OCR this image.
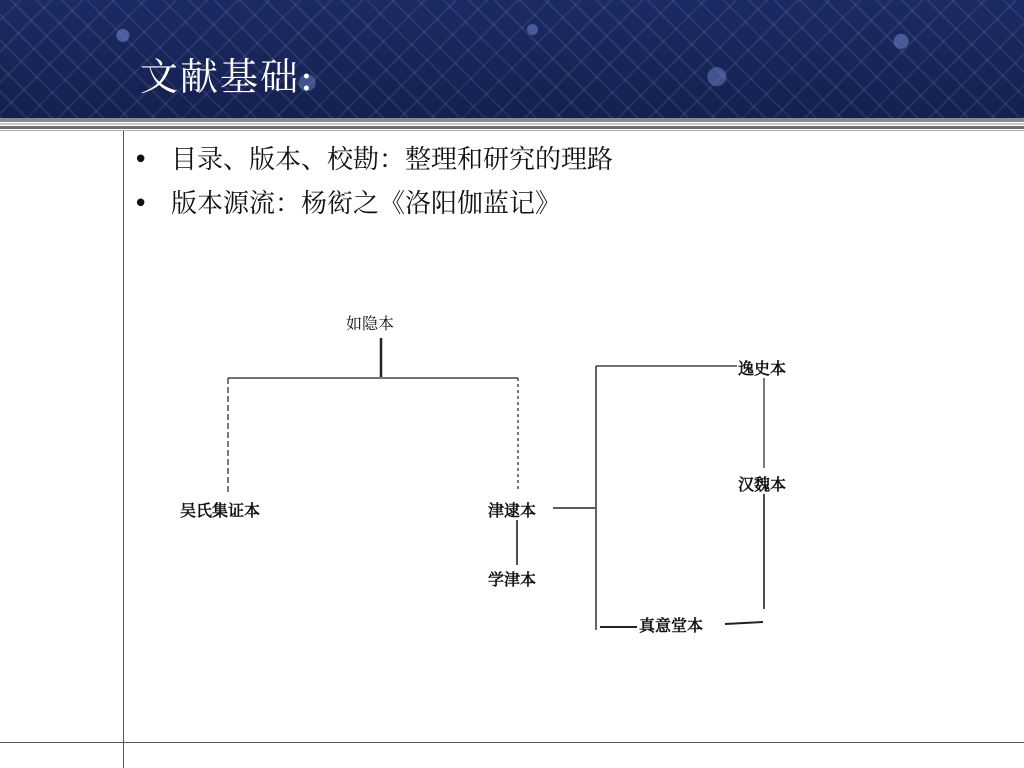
文献基础:
• 目录、版本、校勘：整理和研究的理路
• 版本源流：杨衒之《洛阳伽蓝记》
如隐本
吴氏集证本	津逮本
学津本
逸史本
汉魏本
真意堂本
